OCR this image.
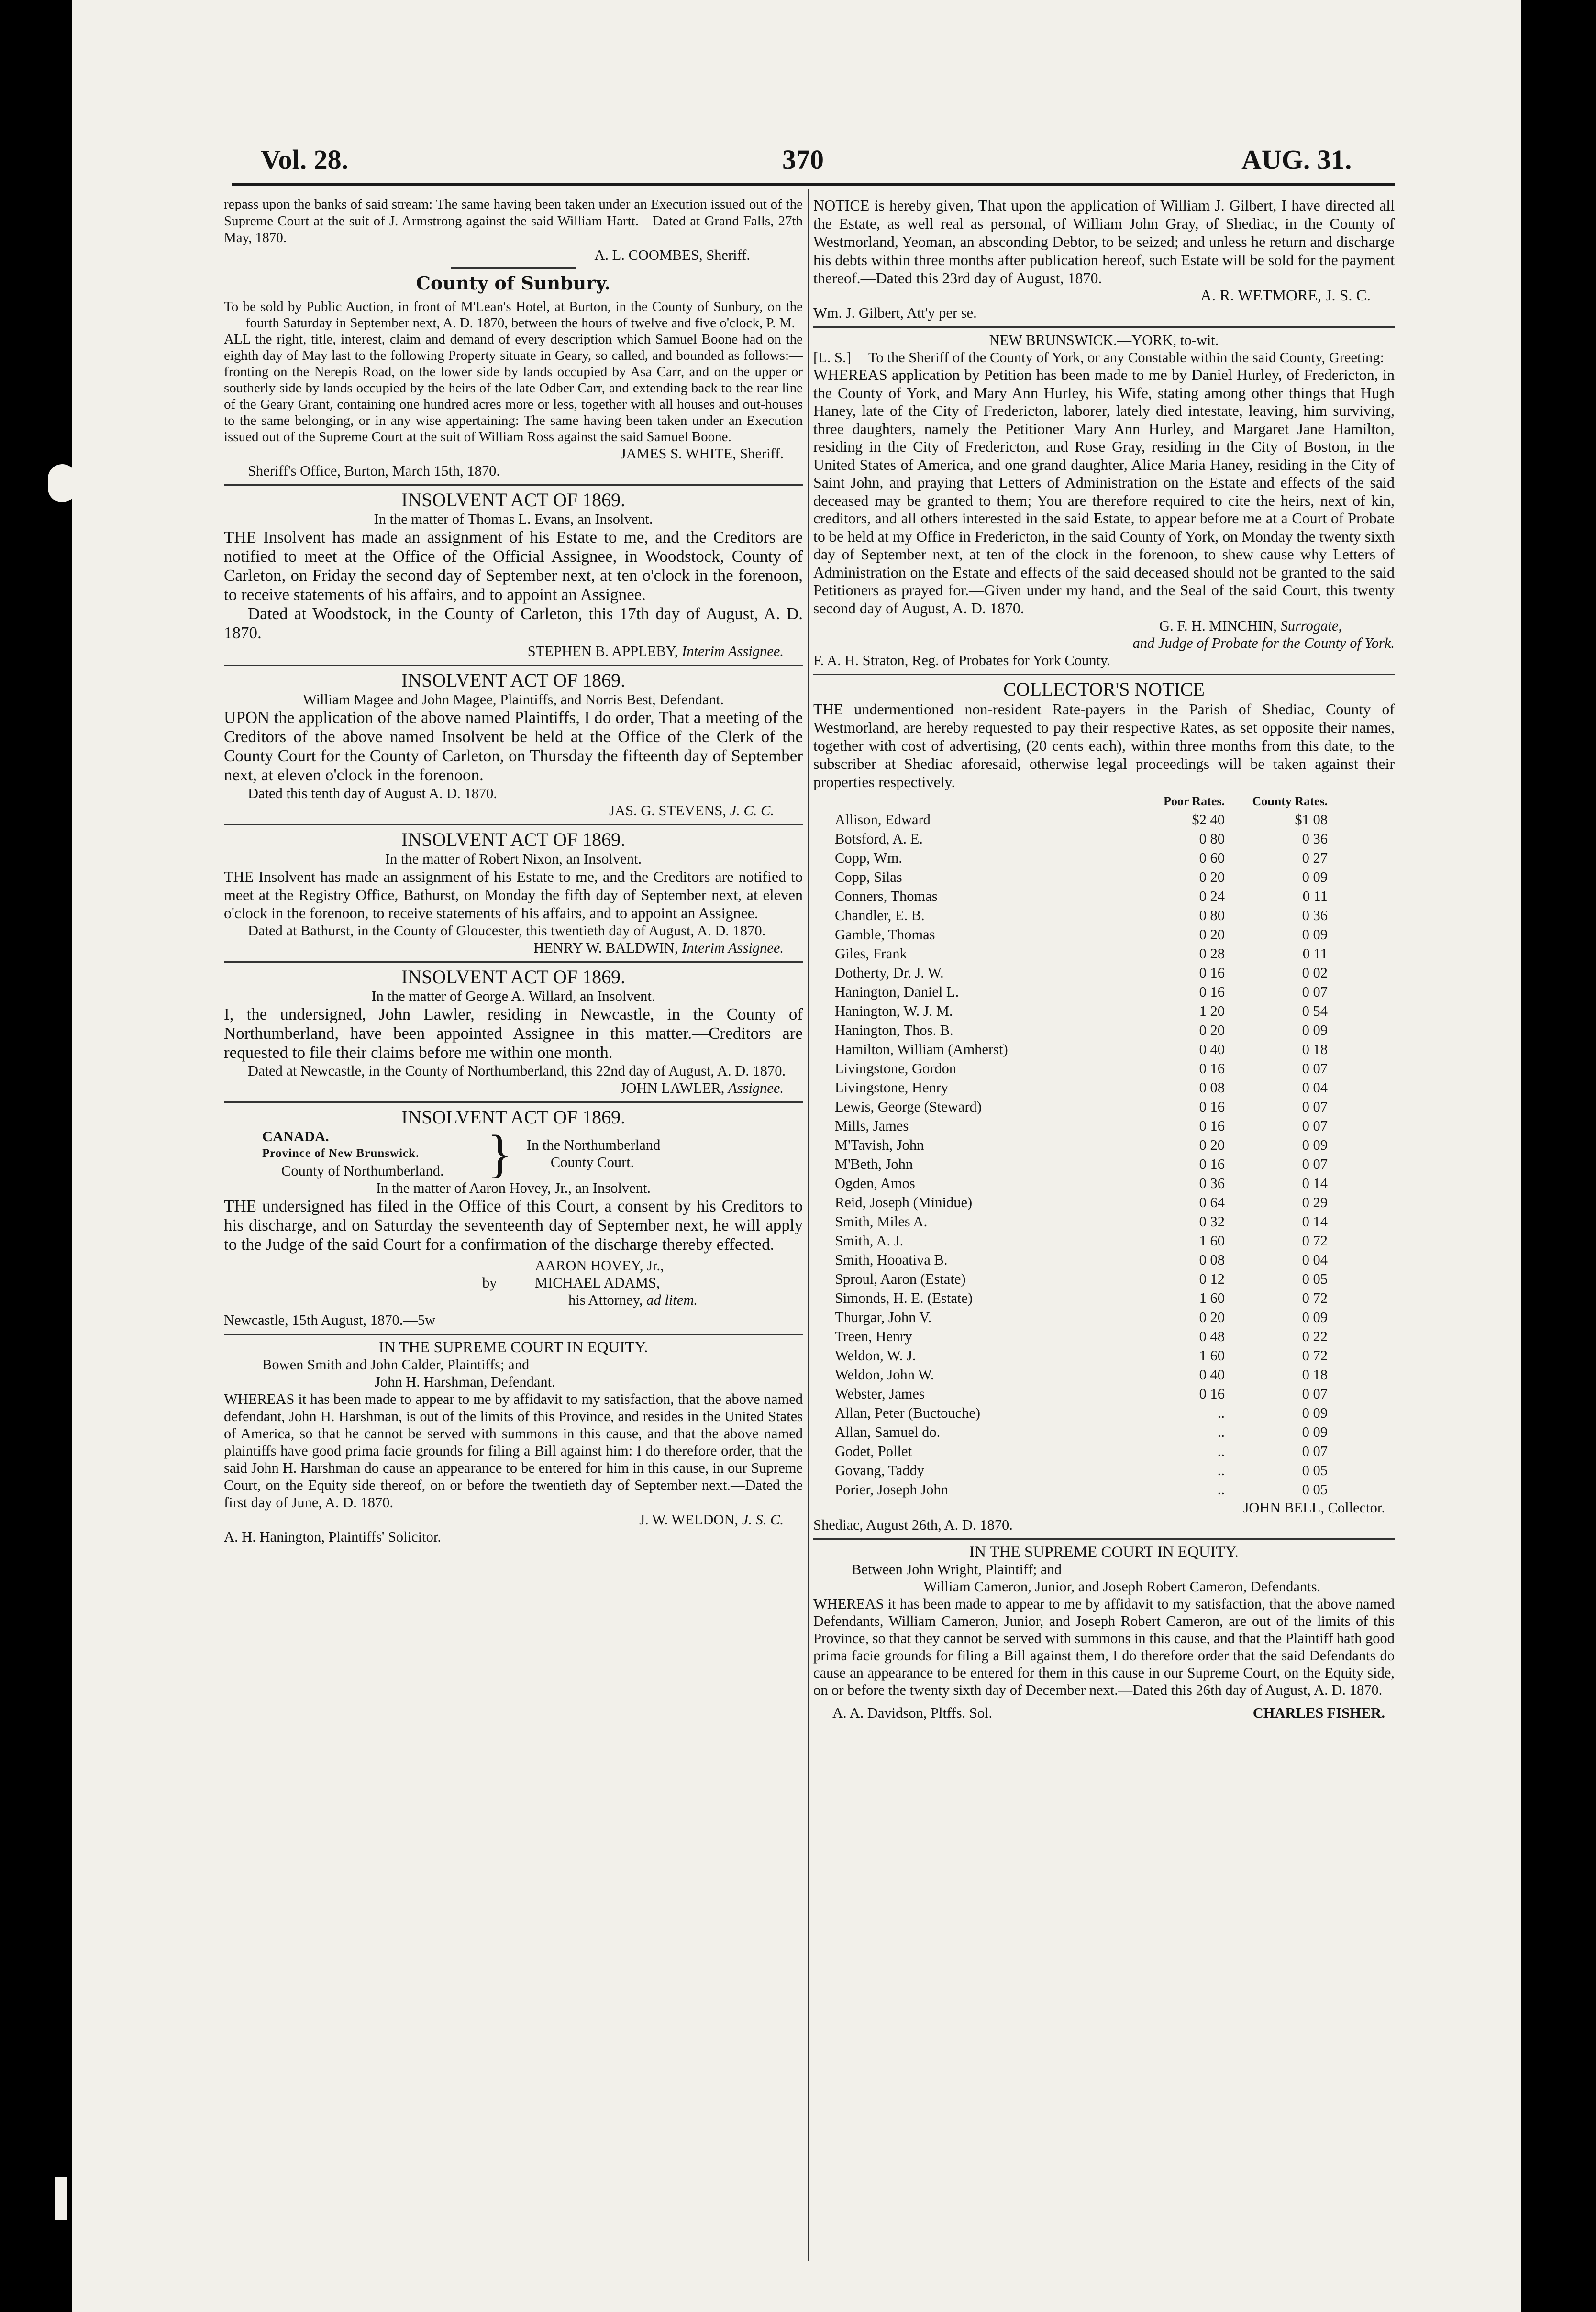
Vol. 28.	370	AUG. 31.

repass upon the banks of said stream: The same having been taken under an Execution issued out of the Supreme Court at the suit of J. Armstrong against the said William Hartt.—Dated at Grand Falls, 27th May, 1870.

A. L. COOMBES, Sheriff.

County of Sunbury.

To be sold by Public Auction, in front of M'Lean's Hotel, at Burton, in the County of Sunbury, on the fourth Saturday in September next, A. D. 1870, between the hours of twelve and five o'clock, P. M.

ALL the right, title, interest, claim and demand of every description which Samuel Boone had on the eighth day of May last to the following Property situate in Geary, so called, and bounded as follows:—fronting on the Nerepis Road, on the lower side by lands occupied by Asa Carr, and on the upper or southerly side by lands occupied by the heirs of the late Odber Carr, and extending back to the rear line of the Geary Grant, containing one hundred acres more or less, together with all houses and out-houses to the same belonging, or in any wise appertaining: The same having been taken under an Execution issued out of the Supreme Court at the suit of William Ross against the said Samuel Boone.

JAMES S. WHITE, Sheriff.

Sheriff's Office, Burton, March 15th, 1870.

INSOLVENT ACT OF 1869.

In the matter of Thomas L. Evans, an Insolvent.

THE Insolvent has made an assignment of his Estate to me, and the Creditors are notified to meet at the Office of the Official Assignee, in Woodstock, County of Carleton, on Friday the second day of September next, at ten o'clock in the forenoon, to receive statements of his affairs, and to appoint an Assignee.

Dated at Woodstock, in the County of Carleton, this 17th day of August, A. D. 1870.

STEPHEN B. APPLEBY, Interim Assignee.

INSOLVENT ACT OF 1869.

William Magee and John Magee, Plaintiffs, and Norris Best, Defendant.

UPON the application of the above named Plaintiffs, I do order, That a meeting of the Creditors of the above named Insolvent be held at the Office of the Clerk of the County Court for the County of Carleton, on Thursday the fifteenth day of September next, at eleven o'clock in the forenoon.

Dated this tenth day of August A. D. 1870.

JAS. G. STEVENS, J. C. C.

INSOLVENT ACT OF 1869.

In the matter of Robert Nixon, an Insolvent.

THE Insolvent has made an assignment of his Estate to me, and the Creditors are notified to meet at the Registry Office, Bathurst, on Monday the fifth day of September next, at eleven o'clock in the forenoon, to receive statements of his affairs, and to appoint an Assignee.

Dated at Bathurst, in the County of Gloucester, this twentieth day of August, A. D. 1870.

HENRY W. BALDWIN, Interim Assignee.

INSOLVENT ACT OF 1869.

In the matter of George A. Willard, an Insolvent.

I, the undersigned, John Lawler, residing in Newcastle, in the County of Northumberland, have been appointed Assignee in this matter.—Creditors are requested to file their claims before me within one month.

Dated at Newcastle, in the County of Northumberland, this 22nd day of August, A. D. 1870.

JOHN LAWLER, Assignee.

INSOLVENT ACT OF 1869.

CANADA.
Province of New Brunswick.
County of Northumberland. } In the Northumberland
County Court.

In the matter of Aaron Hovey, Jr., an Insolvent.

THE undersigned has filed in the Office of this Court, a consent by his Creditors to his discharge, and on Saturday the seventeenth day of September next, he will apply to the Judge of the said Court for a confirmation of the discharge thereby effected.

AARON HOVEY, Jr.,
by	MICHAEL ADAMS,
his Attorney, ad litem.

Newcastle, 15th August, 1870.—5w

IN THE SUPREME COURT IN EQUITY.

Bowen Smith and John Calder, Plaintiffs; and

John H. Harshman, Defendant.

WHEREAS it has been made to appear to me by affidavit to my satisfaction, that the above named defendant, John H. Harshman, is out of the limits of this Province, and resides in the United States of America, so that he cannot be served with summons in this cause, and that the above named plaintiffs have good prima facie grounds for filing a Bill against him: I do therefore order, that the said John H. Harshman do cause an appearance to be entered for him in this cause, in our Supreme Court, on the Equity side thereof, on or before the twentieth day of September next.—Dated the first day of June, A. D. 1870.

J. W. WELDON, J. S. C.

A. H. Hanington, Plaintiffs' Solicitor.

NOTICE is hereby given, That upon the application of William J. Gilbert, I have directed all the Estate, as well real as personal, of William John Gray, of Shediac, in the County of Westmorland, Yeoman, an absconding Debtor, to be seized; and unless he return and discharge his debts within three months after publication hereof, such Estate will be sold for the payment thereof.—Dated this 23rd day of August, 1870.

A. R. WETMORE, J. S. C.

Wm. J. Gilbert, Att'y per se.

NEW BRUNSWICK.—YORK, to-wit.

[L. S.]	To the Sheriff of the County of York, or any Constable within the said County, Greeting:

WHEREAS application by Petition has been made to me by Daniel Hurley, of Fredericton, in the County of York, and Mary Ann Hurley, his Wife, stating among other things that Hugh Haney, late of the City of Fredericton, laborer, lately died intestate, leaving, him surviving, three daughters, namely the Petitioner Mary Ann Hurley, and Margaret Jane Hamilton, residing in the City of Fredericton, and Rose Gray, residing in the City of Boston, in the United States of America, and one grand daughter, Alice Maria Haney, residing in the City of Saint John, and praying that Letters of Administration on the Estate and effects of the said deceased may be granted to them; You are therefore required to cite the heirs, next of kin, creditors, and all others interested in the said Estate, to appear before me at a Court of Probate to be held at my Office in Fredericton, in the said County of York, on Monday the twenty sixth day of September next, at ten of the clock in the forenoon, to shew cause why Letters of Administration on the Estate and effects of the said deceased should not be granted to the said Petitioners as prayed for.—Given under my hand, and the Seal of the said Court, this twenty second day of August, A. D. 1870.

G. F. H. MINCHIN, Surrogate,

and Judge of Probate for the County of York.

F. A. H. Straton, Reg. of Probates for York County.

COLLECTOR'S NOTICE

THE undermentioned non-resident Rate-payers in the Parish of Shediac, County of Westmorland, are hereby requested to pay their respective Rates, as set opposite their names, together with cost of advertising, (20 cents each), within three months from this date, to the subscriber at Shediac aforesaid, otherwise legal proceedings will be taken against their properties respectively.

Poor Rates.	County Rates.
Allison, Edward	$2 40	$1 08
Botsford, A. E.	0 80	0 36
Copp, Wm.	0 60	0 27
Copp, Silas	0 20	0 09
Conners, Thomas	0 24	0 11
Chandler, E. B.	0 80	0 36
Gamble, Thomas	0 20	0 09
Giles, Frank	0 28	0 11
Dotherty, Dr. J. W.	0 16	0 02
Hanington, Daniel L.	0 16	0 07
Hanington, W. J. M.	1 20	0 54
Hanington, Thos. B.	0 20	0 09
Hamilton, William (Amherst)	0 40	0 18
Livingstone, Gordon	0 16	0 07
Livingstone, Henry	0 08	0 04
Lewis, George (Steward)	0 16	0 07
Mills, James	0 16	0 07
M'Tavish, John	0 20	0 09
M'Beth, John	0 16	0 07
Ogden, Amos	0 36	0 14
Reid, Joseph (Minidue)	0 64	0 29
Smith, Miles A.	0 32	0 14
Smith, A. J.	1 60	0 72
Smith, Hooativa B.	0 08	0 04
Sproul, Aaron (Estate)	0 12	0 05
Simonds, H. E. (Estate)	1 60	0 72
Thurgar, John V.	0 20	0 09
Treen, Henry	0 48	0 22
Weldon, W. J.	1 60	0 72
Weldon, John W.	0 40	0 18
Webster, James	0 16	0 07
Allan, Peter (Buctouche)	..	0 09
Allan, Samuel do.	..	0 09
Godet, Pollet	..	0 07
Govang, Taddy	..	0 05
Porier, Joseph John	..	0 05

JOHN BELL, Collector.

Shediac, August 26th, A. D. 1870.

IN THE SUPREME COURT IN EQUITY.

Between John Wright, Plaintiff; and

William Cameron, Junior, and Joseph Robert Cameron, Defendants.

WHEREAS it has been made to appear to me by affidavit to my satisfaction, that the above named Defendants, William Cameron, Junior, and Joseph Robert Cameron, are out of the limits of this Province, so that they cannot be served with summons in this cause, and that the Plaintiff hath good prima facie grounds for filing a Bill against them, I do therefore order that the said Defendants do cause an appearance to be entered for them in this cause in our Supreme Court, on the Equity side, on or before the twenty sixth day of December next.—Dated this 26th day of August, A. D. 1870.

A. A. Davidson, Pltffs. Sol.	CHARLES FISHER.
